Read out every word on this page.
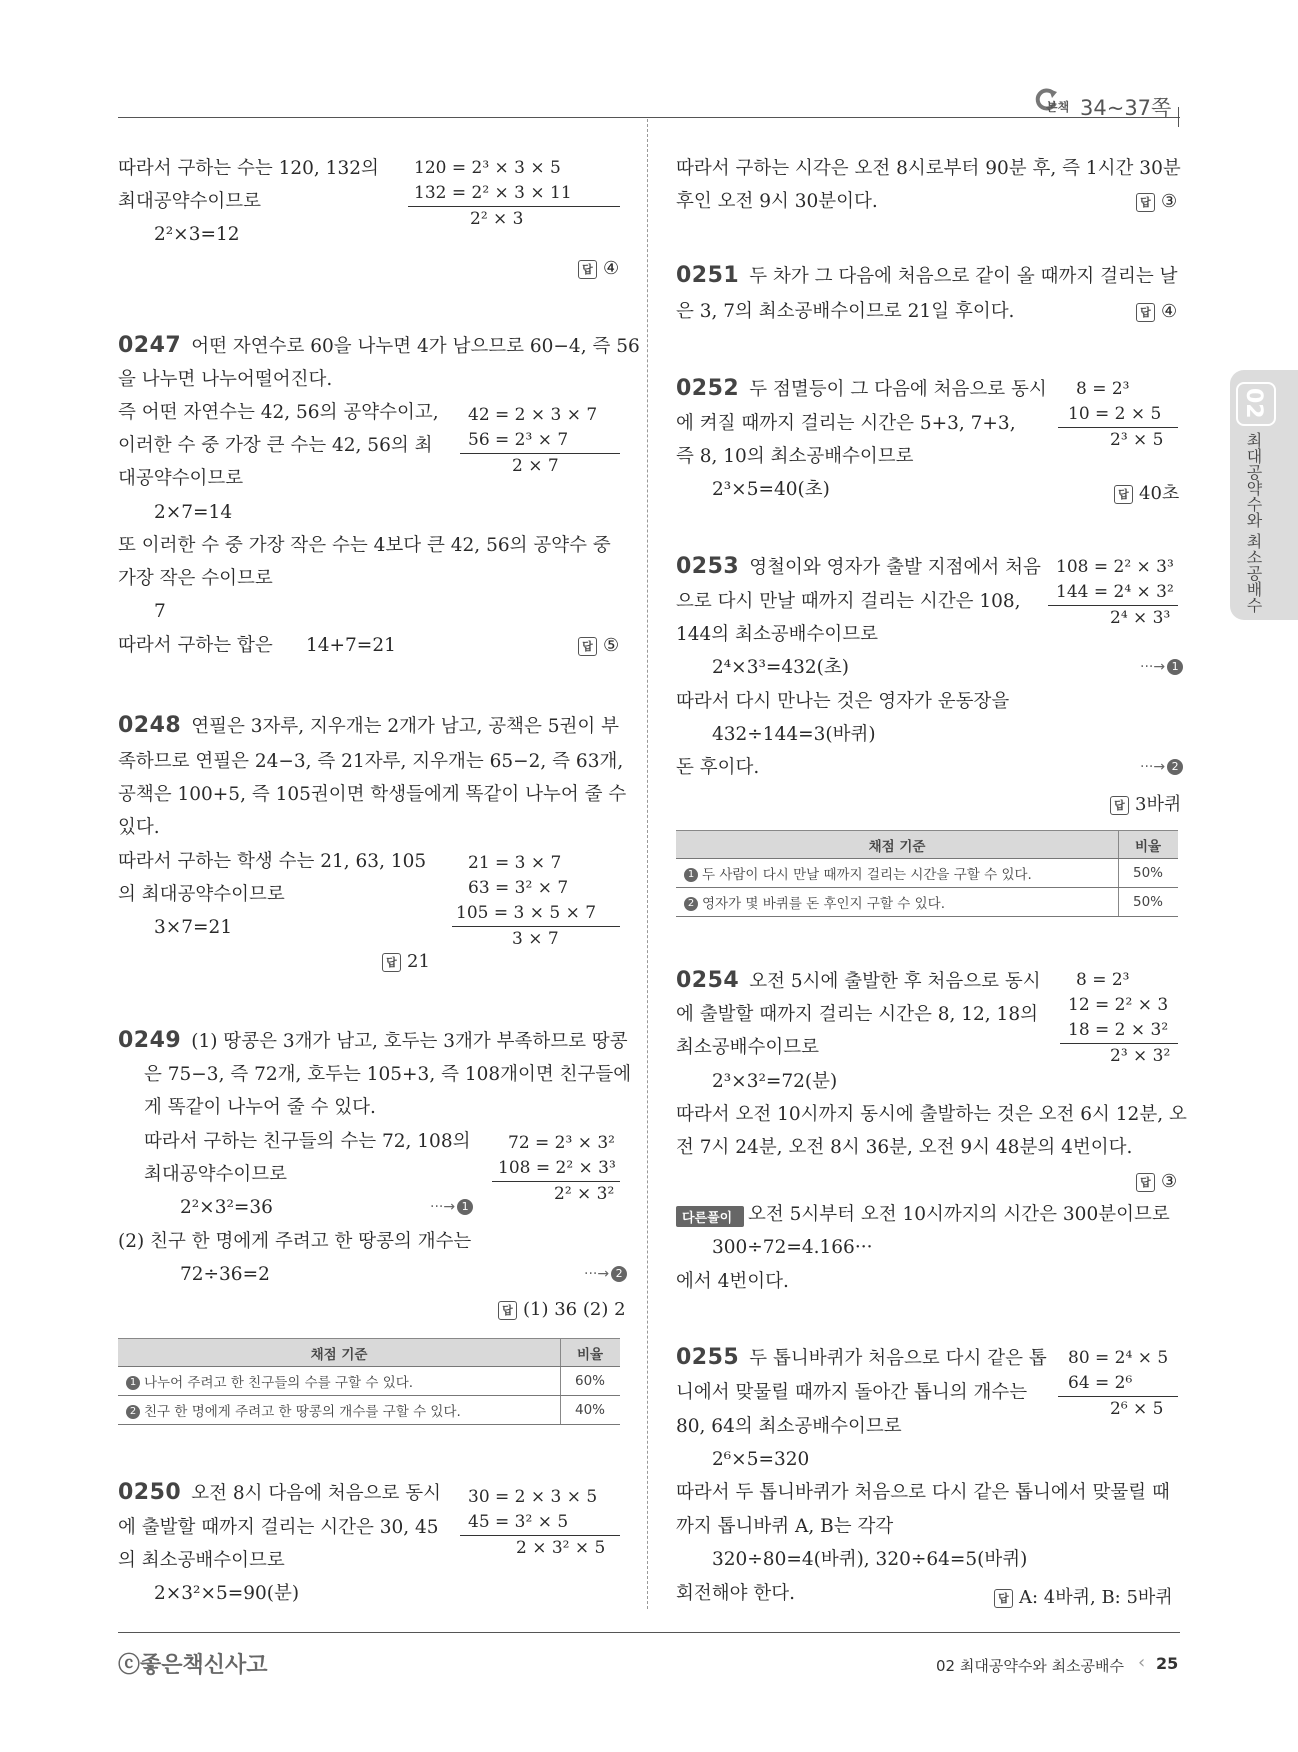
본책 34~37쪽
02
최대공약수와 최소공배수
따라서 구하는 수는 120, 132의
최대공약수이므로
2²×3=12
120 = 2³ × 3 × 5
132 = 2² × 3 × 11
2² × 3
답 ④
0247 어떤 자연수로 60을 나누면 4가 남으므로 60−4, 즉 56
을 나누면 나누어떨어진다.
즉 어떤 자연수는 42, 56의 공약수이고,
이러한 수 중 가장 큰 수는 42, 56의 최
대공약수이므로
2×7=14
또 이러한 수 중 가장 작은 수는 4보다 큰 42, 56의 공약수 중
가장 작은 수이므로
7
따라서 구하는 합은 14+7=21
42 = 2 × 3 × 7
56 = 2³ × 7
2 × 7
답 ⑤
0248 연필은 3자루, 지우개는 2개가 남고, 공책은 5권이 부
족하므로 연필은 24−3, 즉 21자루, 지우개는 65−2, 즉 63개,
공책은 100+5, 즉 105권이면 학생들에게 똑같이 나누어 줄 수
있다.
따라서 구하는 학생 수는 21, 63, 105
의 최대공약수이므로
3×7=21
21 = 3 × 7
63 = 3² × 7
105 = 3 × 5 × 7
3 × 7
답 21
0249 (1) 땅콩은 3개가 남고, 호두는 3개가 부족하므로 땅콩
은 75−3, 즉 72개, 호두는 105+3, 즉 108개이면 친구들에
게 똑같이 나누어 줄 수 있다.
따라서 구하는 친구들의 수는 72, 108의
최대공약수이므로
2²×3²=36	···→ 1
(2) 친구 한 명에게 주려고 한 땅콩의 개수는
72÷36=2	···→ 2
72 = 2³ × 3²
108 = 2² × 3³
2² × 3²
답 (1) 36 (2) 2
채점 기준	비율
1 나누어 주려고 한 친구들의 수를 구할 수 있다.	60%
2 친구 한 명에게 주려고 한 땅콩의 개수를 구할 수 있다.	40%
0250 오전 8시 다음에 처음으로 동시
에 출발할 때까지 걸리는 시간은 30, 45
의 최소공배수이므로
2×3²×5=90(분)
30 = 2 × 3 × 5
45 = 3² × 5
2 × 3² × 5
따라서 구하는 시각은 오전 8시로부터 90분 후, 즉 1시간 30분
후인 오전 9시 30분이다.	답 ③
0251 두 차가 그 다음에 처음으로 같이 올 때까지 걸리는 날
은 3, 7의 최소공배수이므로 21일 후이다.	답 ④
0252 두 점멸등이 그 다음에 처음으로 동시
에 켜질 때까지 걸리는 시간은 5+3, 7+3,
즉 8, 10의 최소공배수이므로
2³×5=40(초)
8 = 2³
10 = 2 × 5
2³ × 5
답 40초
0253 영철이와 영자가 출발 지점에서 처음
으로 다시 만날 때까지 걸리는 시간은 108,
144의 최소공배수이므로
2⁴×3³=432(초)	···→ 1
따라서 다시 만나는 것은 영자가 운동장을
432÷144=3(바퀴)
돈 후이다.	···→ 2
108 = 2² × 3³
144 = 2⁴ × 3²
2⁴ × 3³
답 3바퀴
채점 기준	비율
1 두 사람이 다시 만날 때까지 걸리는 시간을 구할 수 있다.	50%
2 영자가 몇 바퀴를 돈 후인지 구할 수 있다.	50%
0254 오전 5시에 출발한 후 처음으로 동시
에 출발할 때까지 걸리는 시간은 8, 12, 18의
최소공배수이므로
2³×3²=72(분)
따라서 오전 10시까지 동시에 출발하는 것은 오전 6시 12분, 오
전 7시 24분, 오전 8시 36분, 오전 9시 48분의 4번이다.
8 = 2³
12 = 2² × 3
18 = 2 × 3²
2³ × 3²
답 ③
다른풀이 오전 5시부터 오전 10시까지의 시간은 300분이므로
300÷72=4.166···
에서 4번이다.
0255 두 톱니바퀴가 처음으로 다시 같은 톱
니에서 맞물릴 때까지 돌아간 톱니의 개수는
80, 64의 최소공배수이므로
2⁶×5=320
따라서 두 톱니바퀴가 처음으로 다시 같은 톱니에서 맞물릴 때
까지 톱니바퀴 A, B는 각각
320÷80=4(바퀴), 320÷64=5(바퀴)
회전해야 한다.
80 = 2⁴ × 5
64 = 2⁶
2⁶ × 5
답 A: 4바퀴, B: 5바퀴
ⓒ좋은책신사고	02 최대공약수와 최소공배수 ‹ 25
